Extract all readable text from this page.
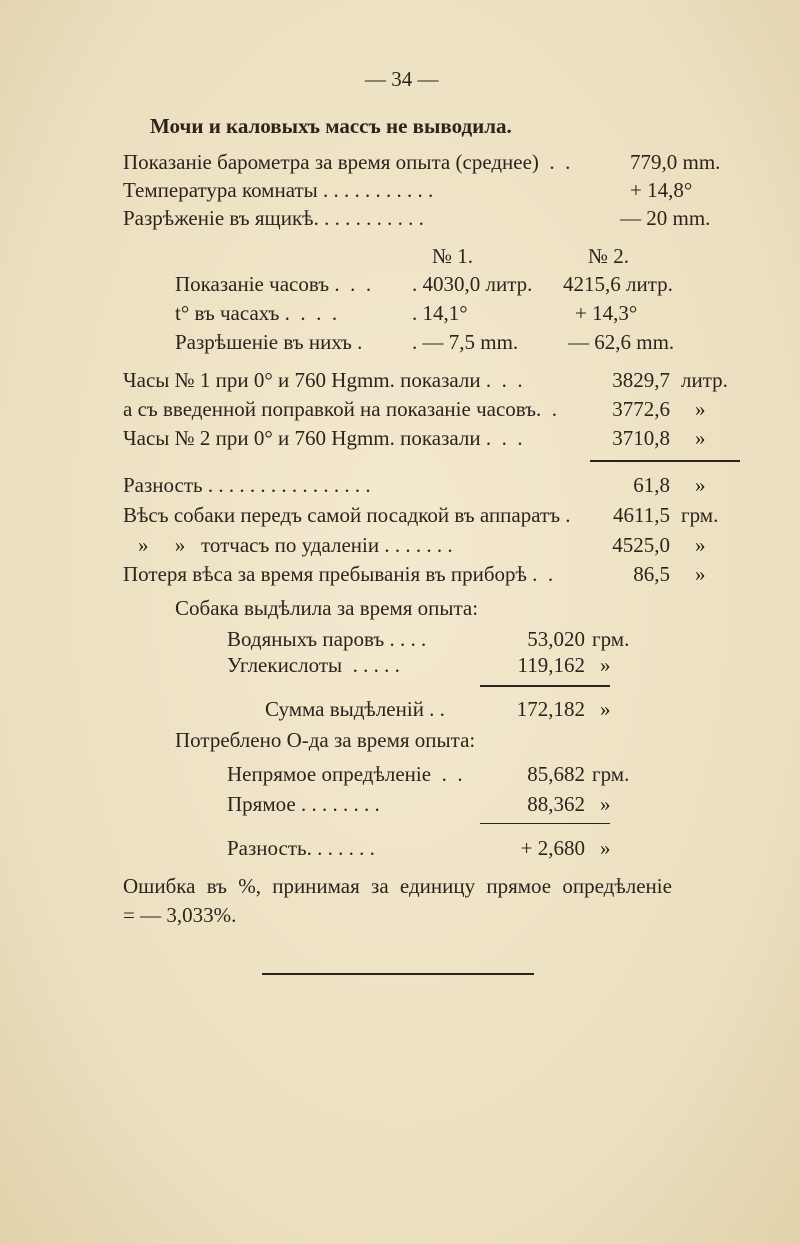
— 34 —
Мочи и каловыхъ массъ не выводила.
Показаніе барометра за время опыта (среднее)  .  .	779,0 mm.
Температура комнаты . . . . . . . . . . .	+ 14,8°
Разрѣженіе въ ящикѣ. . . . . . . . . . .	— 20 mm.
№ 1.	№ 2.
Показаніе часовъ .  .  . . 4030,0 литр. 4215,6 литр.
t° въ часахъ .  .  .  .	. 14,1°	+ 14,3°
Разрѣшеніе въ нихъ . . — 7,5 mm. — 62,6 mm.
Часы № 1 при 0° и 760 Hgmm. показали .  .  .	3829,7 литр.
а съ введенной поправкой на показаніе часовъ.  .	3772,6 »
Часы № 2 при 0° и 760 Hgmm. показали .  .  .	3710,8 »
Разность . . . . . . . . . . . . . . . .	61,8 »
Вѣсъ собаки передъ самой посадкой въ аппаратъ .	4611,5 грм.
»     »   тотчасъ по удаленіи . . . . . . .	4525,0 »
Потеря вѣса за время пребыванія въ приборѣ .  .	86,5 »
Собака выдѣлила за время опыта:
Водяныхъ паровъ . . . .	53,020 грм.
Углекислоты  . . . . .	119,162 »
Сумма выдѣленій . .	172,182 »
Потреблено О-да за время опыта:
Непрямое опредѣленіе  .  .	85,682 грм.
Прямое . . . . . . . .	88,362 »
Разность. . . . . . .	+ 2,680 »
Ошибка въ %, принимая за единицу прямое опредѣленіе
= — 3,033%.
